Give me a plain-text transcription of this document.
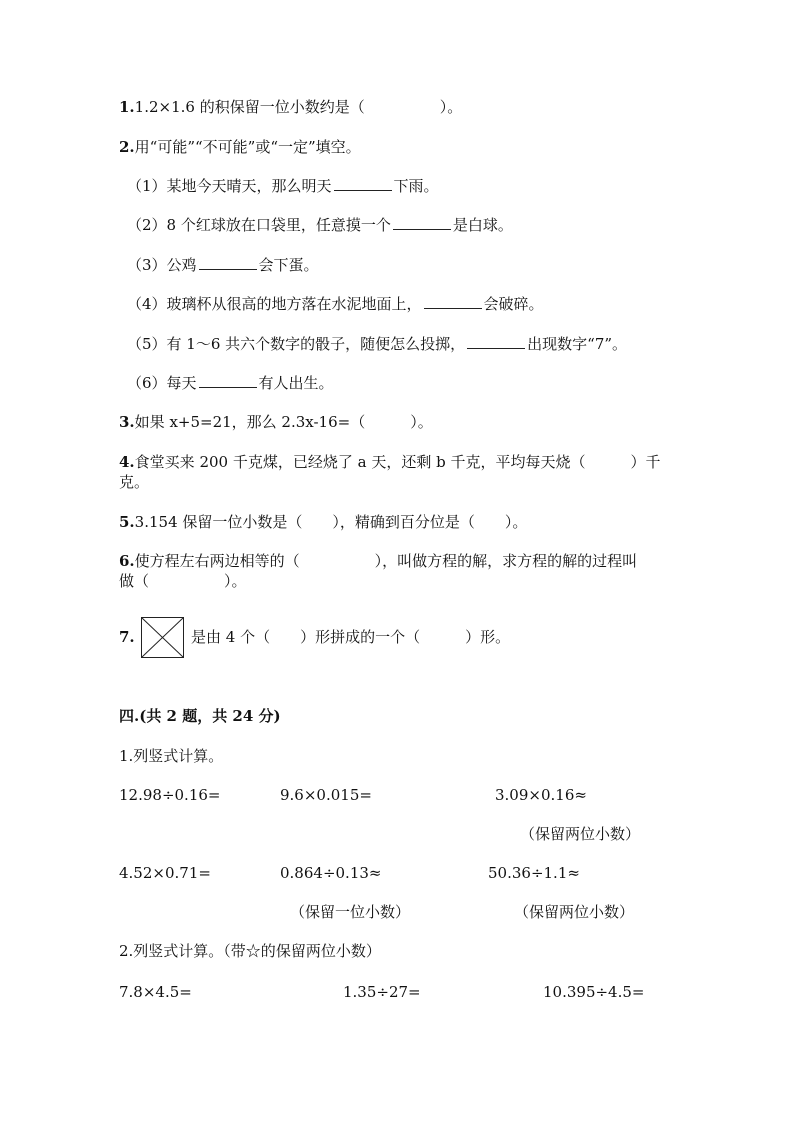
1.1.2×1.6 的积保留一位小数约是（　　　　　）。
2.用“可能”“不可能”或“一定”填空。
（1）某地今天晴天，那么明天	下雨。
（2）8 个红球放在口袋里，任意摸一个	是白球。
（3）公鸡	会下蛋。
（4）玻璃杯从很高的地方落在水泥地面上，	会破碎。
（5）有 1～6 共六个数字的骰子，随便怎么投掷，	出现数字“7”。
（6）每天	有人出生。
3.如果 x+5=21，那么 2.3x-16=（　　　）。
4.食堂买来 200 千克煤，已经烧了 a 天，还剩 b 千克，平均每天烧（　　　）千
克。
5.3.154 保留一位小数是（　　），精确到百分位是（　　）。
6.使方程左右两边相等的（　　　　　），叫做方程的解，求方程的解的过程叫
做（　　　　　）。
7.	是由 4 个（　　）形拼成的一个（　　　）形。
四.(共 2 题，共 24 分)
1.列竖式计算。
12.98÷0.16=	9.6×0.015=	3.09×0.16≈
（保留两位小数）
4.52×0.71=	0.864÷0.13≈	50.36÷1.1≈
（保留一位小数）	（保留两位小数）
2.列竖式计算。（带☆的保留两位小数）
7.8×4.5=	1.35÷27=	10.395÷4.5=
